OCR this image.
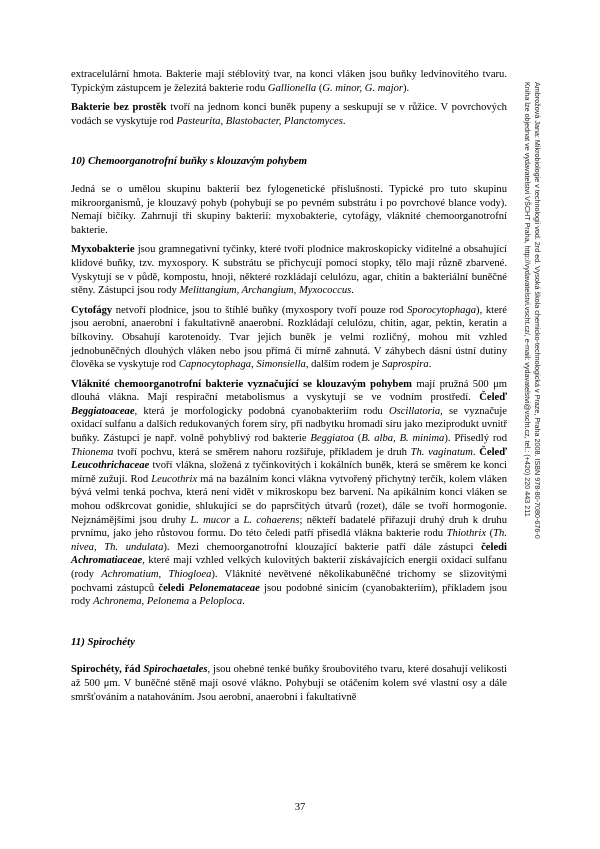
Ambrožová Jana: Mikrobiologie v technologii vod. 2rd ed. Vysoká škola chemicko-technologická v Praze, Praha 2008. ISBN 978-80-7080-676-0
Kniha lze objednat ve vydavatelství VŠCHT Praha, http://vydavatelstvi.vscht.cz/, e-mail: vydavatelstvi@vscht.cz, tel.: (+420) 220 443 211

extracelulární hmota. Bakterie mají stéblovitý tvar, na konci vláken jsou buňky ledvinovitého tvaru. Typickým zástupcem je železitá bakterie rodu Gallionella (G. minor, G. major).

Bakterie bez prostěk tvoří na jednom konci buněk pupeny a seskupují se v růžice. V povrchových vodách se vyskytuje rod Pasteurita, Blastobacter, Planctomyces.

10) Chemoorganotrofní buňky s klouzavým pohybem

Jedná se o umělou skupinu bakterií bez fylogenetické příslušnosti. Typické pro tuto skupinu mikroorganismů, je klouzavý pohyb (pohybují se po pevném substrátu i po povrchové blance vody). Nemají bičíky. Zahrnují tři skupiny bakterií: myxobakterie, cytofágy, vláknité chemoorganotrofní bakterie.

Myxobakterie jsou gramnegativní tyčinky, které tvoří plodnice makroskopicky viditelné a obsahující klidové buňky, tzv. myxospory. K substrátu se přichycují pomocí stopky, tělo mají různě zbarvené. Vyskytují se v půdě, kompostu, hnoji, některé rozkládají celulózu, agar, chitin a bakteriální buněčné stěny. Zástupci jsou rody Melittangium, Archangium, Myxococcus.

Cytofágy netvoří plodnice, jsou to štíhlé buňky (myxospory tvoří pouze rod Sporocytophaga), které jsou aerobní, anaerobní i fakultativně anaerobní. Rozkládají celulózu, chitin, agar, pektin, keratin a bílkoviny. Obsahují karotenoidy. Tvar jejich buněk je velmi rozličný, mohou mít vzhled jednobuněčných dlouhých vláken nebo jsou přímá či mírně zahnutá. V záhybech dásní ústní dutiny člověka se vyskytuje rod Capnocytophaga, Simonsiella, dalším rodem je Saprospira.

Vláknité chemoorganotrofní bakterie vyznačující se klouzavým pohybem mají pružná 500 μm dlouhá vlákna. Mají respirační metabolismus a vyskytují se ve vodním prostředí. Čeleď Beggiatoaceae, která je morfologicky podobná cyanobakteriím rodu Oscillatoria, se vyznačuje oxidací sulfanu a dalších redukovaných forem síry, při nadbytku hromadí síru jako meziprodukt uvnitř buňky. Zástupci je např. volně pohyblivý rod bakterie Beggiatoa (B. alba, B. minima). Přisedlý rod Thionema tvoří pochvu, která se směrem nahoru rozšiřuje, příkladem je druh Th. vaginatum. Čeleď Leucothrichaceae tvoří vlákna, složená z tyčinkovitých i kokálních buněk, která se směrem ke konci mírně zužují. Rod Leucothrix má na bazálním konci vlákna vytvořený přichytný terčík, kolem vláken bývá velmi tenká pochva, která není vidět v mikroskopu bez barvení. Na apikálním konci vláken se mohou odškrcovat gonidie, shlukující se do paprsčitých útvarů (rozet), dále se tvoří hormogonie. Nejznámějšími jsou druhy L. mucor a L. cohaerens; někteří badatelé přiřazují druhý druh k druhu prvnímu, jako jeho růstovou formu. Do této čeledi patří přisedlá vlákna bakterie rodu Thiothrix (Th. nivea, Th. undulata). Mezi chemoorganotrofní klouzající bakterie patří dále zástupci čeledi Achromatiaceae, které mají vzhled velkých kulovitých bakterií získávajících energii oxidací sulfanu (rody Achromatium, Thiogloea). Vláknité nevětvené několikabuněčné trichomy se slizovitými pochvami zástupců čeledi Pelonemataceae jsou podobné sinicím (cyanobakteriím), příkladem jsou rody Achronema, Pelonema a Peloploca.

11) Spirochéty

Spirochéty, řád Spirochaetales, jsou ohebné tenké buňky šroubovitého tvaru, které dosahují velikosti až 500 μm. V buněčné stěně mají osové vlákno. Pohybují se otáčením kolem své vlastní osy a dále smršťováním a natahováním. Jsou aerobní, anaerobní i fakultativně

37
